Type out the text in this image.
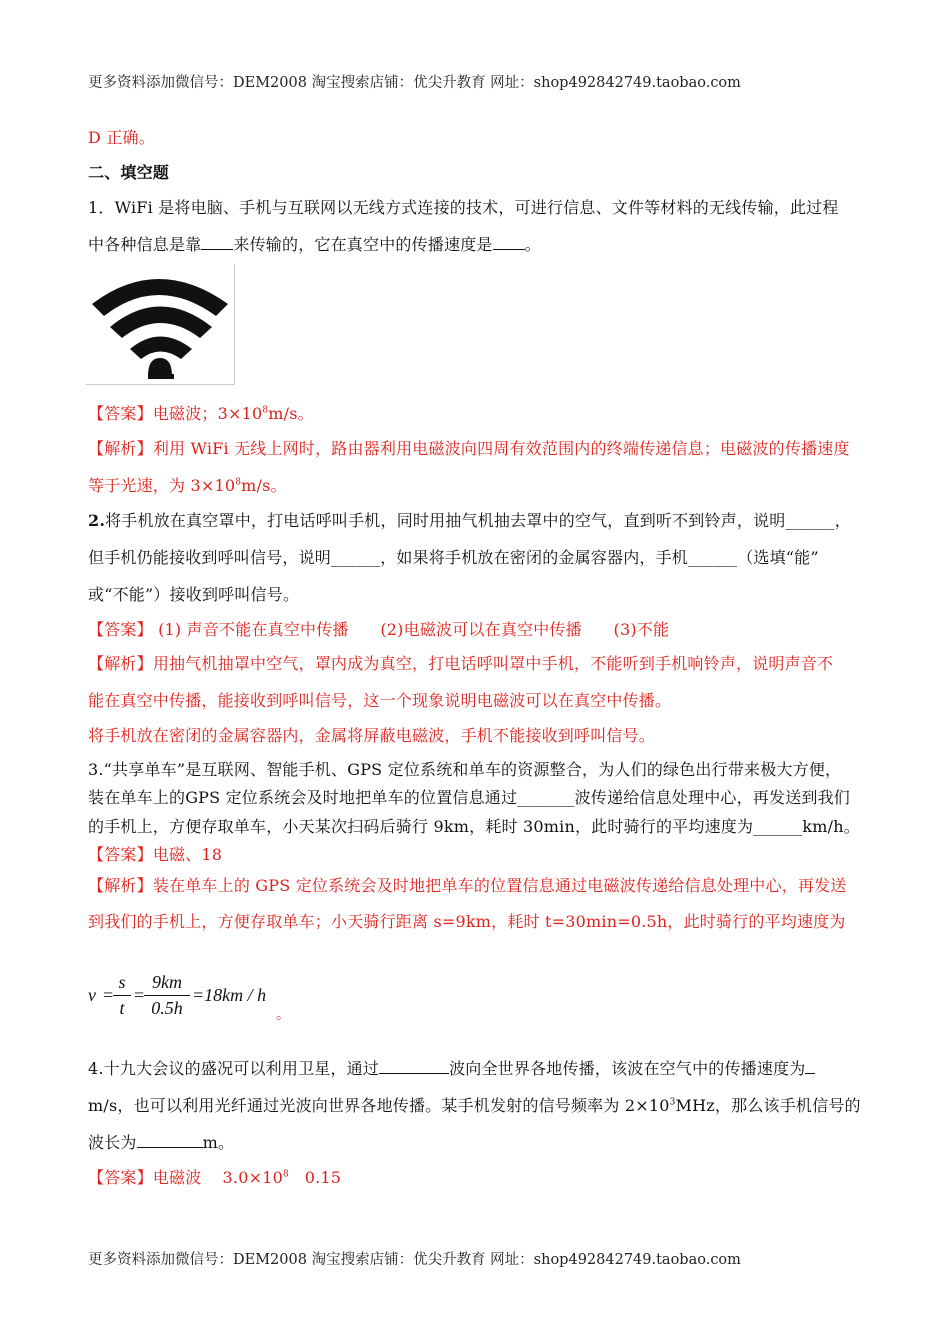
更多资料添加微信号：DEM2008 淘宝搜索店铺：优尖升教育 网址：shop492842749.taobao.com
D 正确。
二、填空题
1．WiFi 是将电脑、手机与互联网以无线方式连接的技术，可进行信息、文件等材料的无线传输，此过程
中各种信息是靠 来传输的，它在真空中的传播速度是 。
【答案】电磁波；$3\times 10^8m/s$。
【解析】利用 WiFi 无线上网时，路由器利用电磁波向四周有效范围内的终端传递信息；电磁波的传播速度
等于光速，为 $3\times 10^8m/s$。
2.将手机放在真空罩中，打电话呼叫手机，同时用抽气机抽去罩中的空气，直到听不到铃声，说明______，
但手机仍能接收到呼叫信号，说明______，如果将手机放在密闭的金属容器内，手机______（选填“能”
或“不能”）接收到呼叫信号。
【答案】 (1) 声音不能在真空中传播      (2)电磁波可以在真空中传播      (3)不能
【解析】用抽气机抽罩中空气，罩内成为真空，打电话呼叫罩中手机，不能听到手机响铃声，说明声音不
能在真空中传播，能接收到呼叫信号，这一个现象说明电磁波可以在真空中传播。
将手机放在密闭的金属容器内，金属将屏蔽电磁波，手机不能接收到呼叫信号。
3.“共享单车”是互联网、智能手机、GPS 定位系统和单车的资源整合，为人们的绿色出行带来极大方便，
装在单车上的GPS 定位系统会及时地把单车的位置信息通过_______波传递给信息处理中心，再发送到我们
的手机上，方便存取单车，小天某次扫码后骑行 9km，耗时 30min，此时骑行的平均速度为______km/h。
【答案】电磁、18
【解析】装在单车上的 GPS 定位系统会及时地把单车的位置信息通过电磁波传递给信息处理中心，再发送
到我们的手机上，方便存取单车；小天骑行距离 s=9km，耗时 t=30min=0.5h，此时骑行的平均速度为
$v = \frac{s}{t} = \frac{9km}{0.5h} =18km / h$
。
4.十九大会议的盛况可以利用卫星，通过	波向全世界各地传播，该波在空气中的传播速度为
m/s，也可以利用光纤通过光波向世界各地传播。某手机发射的信号频率为 $2\times 10^3MHz$，那么该手机信号的
波长为	m。
【答案】电磁波    $3.0\times 10^8$   0.15
更多资料添加微信号：DEM2008 淘宝搜索店铺：优尖升教育 网址：shop492842749.taobao.com
